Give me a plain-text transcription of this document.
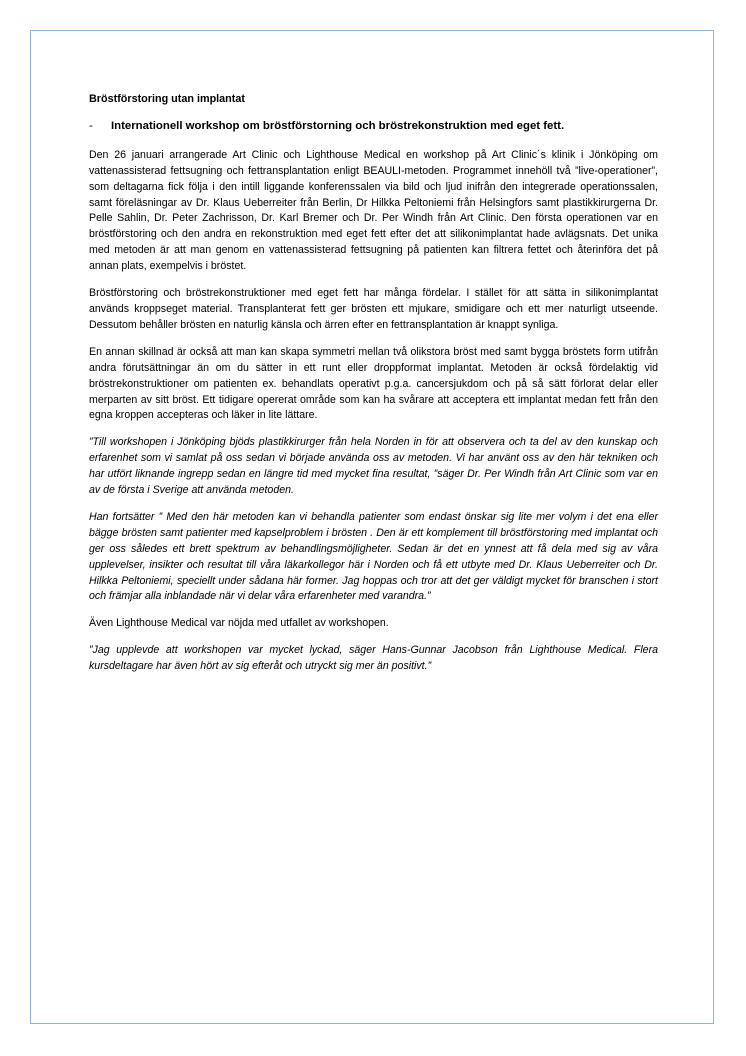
Bröstförstoring utan implantat

-	Internationell workshop om bröstförstorning och bröstrekonstruktion med eget fett.

Den 26 januari arrangerade Art Clinic och Lighthouse Medical en workshop på Art Clinic´s klinik i Jönköping om vattenassisterad fettsugning och fettransplantation enligt BEAULI-metoden. Programmet innehöll två ”live-operationer”, som deltagarna fick följa i den intill liggande konferenssalen via bild och ljud inifrån den integrerade operationssalen, samt föreläsningar av Dr. Klaus Ueberreiter från Berlin, Dr Hilkka Peltoniemi från Helsingfors samt plastikkirurgerna Dr. Pelle Sahlin, Dr. Peter Zachrisson, Dr. Karl Bremer och Dr. Per Windh från Art Clinic. Den första operationen var en bröstförstoring och den andra en rekonstruktion med eget fett efter det att silikonimplantat hade avlägsnats. Det unika med metoden är att man genom en vattenassisterad fettsugning på patienten kan filtrera fettet och återinföra det på annan plats, exempelvis i bröstet.

Bröstförstoring och bröstrekonstruktioner med eget fett har många fördelar. I stället för att sätta in silikonimplantat används kroppseget material. Transplanterat fett ger brösten ett mjukare, smidigare och ett mer naturligt utseende. Dessutom behåller brösten en naturlig känsla och ärren efter en fettransplantation är knappt synliga.

En annan skillnad är också att man kan skapa symmetri mellan två olikstora bröst med samt bygga bröstets form utifrån andra förutsättningar än om du sätter in ett runt eller droppformat implantat. Metoden är också fördelaktig vid bröstrekonstruktioner om patienten ex. behandlats operativt p.g.a. cancersjukdom och på så sätt förlorat delar eller merparten av sitt bröst. Ett tidigare opererat område som kan ha svårare att acceptera ett implantat medan fett från den egna kroppen accepteras och läker in lite lättare.

”Till workshopen i Jönköping bjöds plastikkirurger från hela Norden in för att observera och ta del av den kunskap och erfarenhet som vi samlat på oss sedan vi började använda oss av metoden. Vi har använt oss av den här tekniken och har utfört liknande ingrepp sedan en längre tid med mycket fina resultat, ”säger Dr. Per Windh från Art Clinic som var en av de första i Sverige att använda metoden.

Han fortsätter ” Med den här metoden kan vi behandla patienter som endast önskar sig lite mer volym i det ena eller bägge brösten samt patienter med kapselproblem i brösten . Den är ett komplement till bröstförstoring med implantat och ger oss således ett brett spektrum av behandlingsmöjligheter. Sedan är det en ynnest att få dela med sig av våra upplevelser, insikter och resultat till våra läkarkollegor här i Norden och få ett utbyte med Dr. Klaus Ueberreiter och Dr. Hilkka Peltoniemi, speciellt under sådana här former. Jag hoppas och tror att det ger väldigt mycket för branschen i stort och främjar alla inblandade när vi delar våra erfarenheter med varandra.”

Även Lighthouse Medical var nöjda med utfallet av workshopen.

”Jag upplevde att workshopen var mycket lyckad, säger Hans-Gunnar Jacobson från Lighthouse Medical. Flera kursdeltagare har även hört av sig efteråt och utryckt sig mer än positivt.”
